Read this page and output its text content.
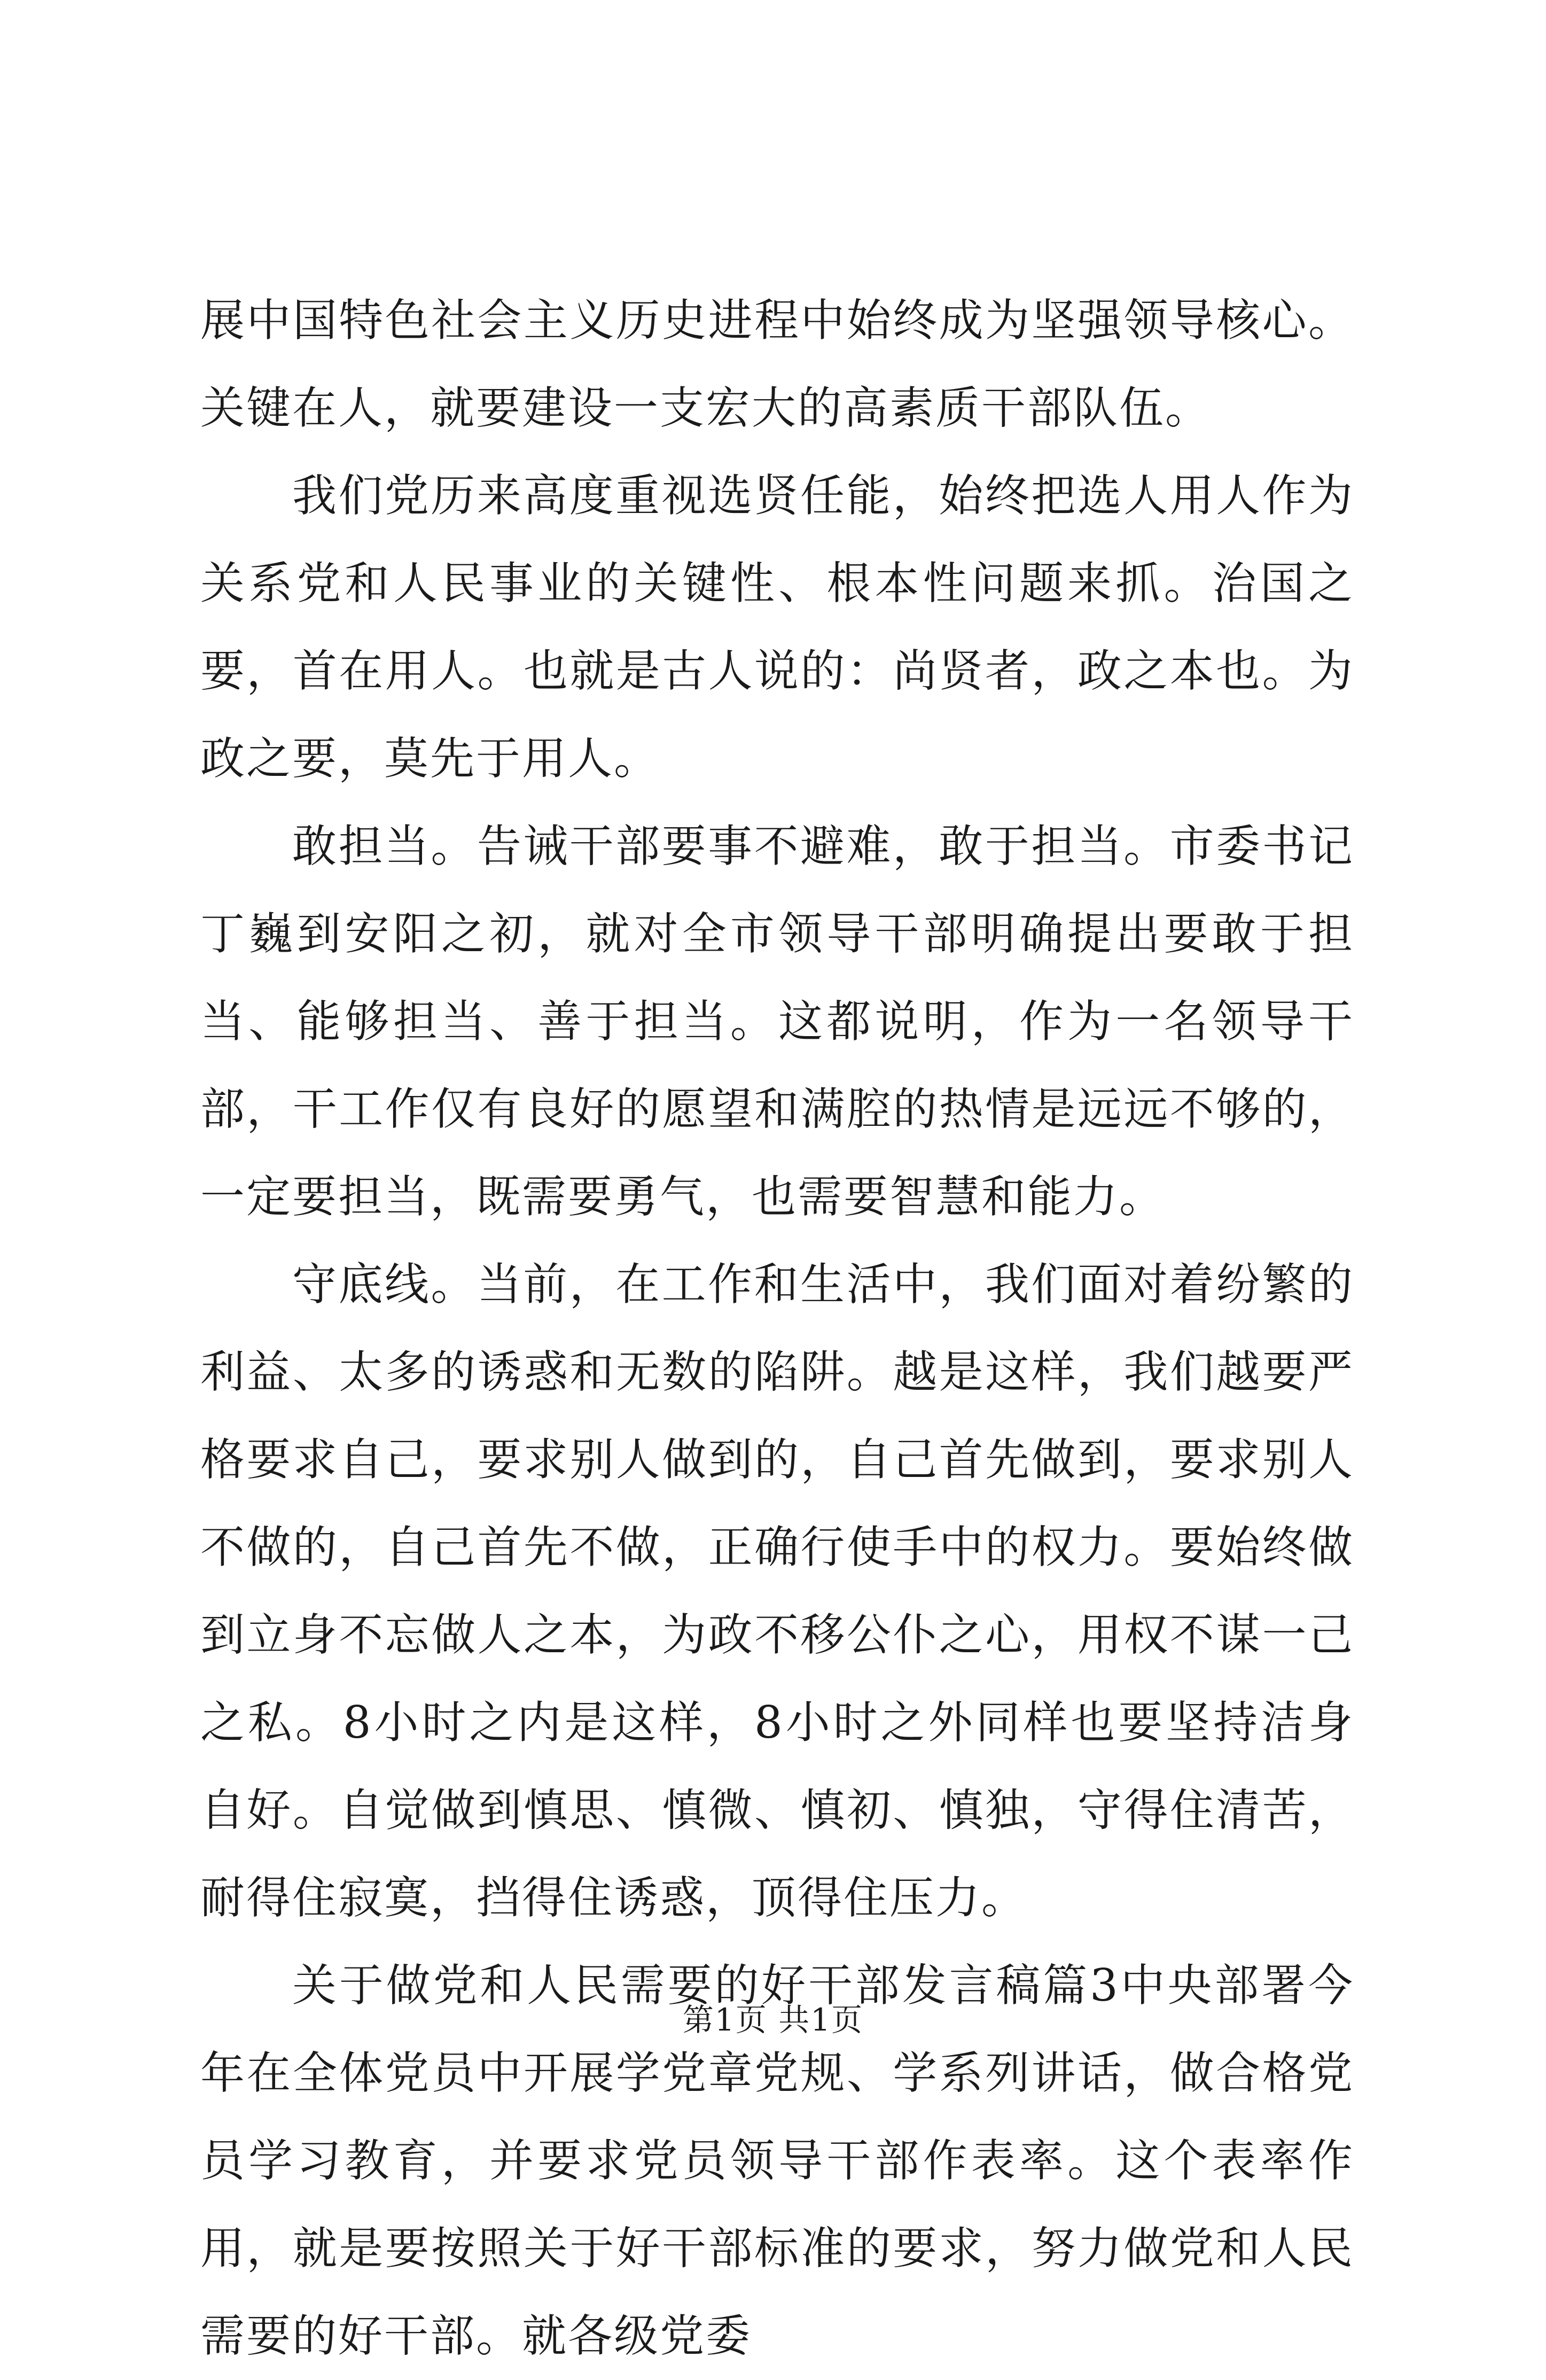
展中国特色社会主义历史进程中始终成为坚强领导核心。关键在人，就要建设一支宏大的高素质干部队伍。

我们党历来高度重视选贤任能，始终把选人用人作为关系党和人民事业的关键性、根本性问题来抓。治国之要，首在用人。也就是古人说的：尚贤者，政之本也。为政之要，莫先于用人。

敢担当。告诫干部要事不避难，敢于担当。市委书记丁巍到安阳之初，就对全市领导干部明确提出要敢于担当、能够担当、善于担当。这都说明，作为一名领导干部，干工作仅有良好的愿望和满腔的热情是远远不够的，一定要担当，既需要勇气，也需要智慧和能力。

守底线。当前，在工作和生活中，我们面对着纷繁的利益、太多的诱惑和无数的陷阱。越是这样，我们越要严格要求自己，要求别人做到的，自己首先做到，要求别人不做的，自己首先不做，正确行使手中的权力。要始终做到立身不忘做人之本，为政不移公仆之心，用权不谋一己之私。8小时之内是这样，8小时之外同样也要坚持洁身自好。自觉做到慎思、慎微、慎初、慎独，守得住清苦，耐得住寂寞，挡得住诱惑，顶得住压力。

关于做党和人民需要的好干部发言稿篇3中央部署今年在全体党员中开展学党章党规、学系列讲话，做合格党员学习教育，并要求党员领导干部作表率。这个表率作用，就是要按照关于好干部标准的要求，努力做党和人民需要的好干部。就各级党委

第1页 共1页
